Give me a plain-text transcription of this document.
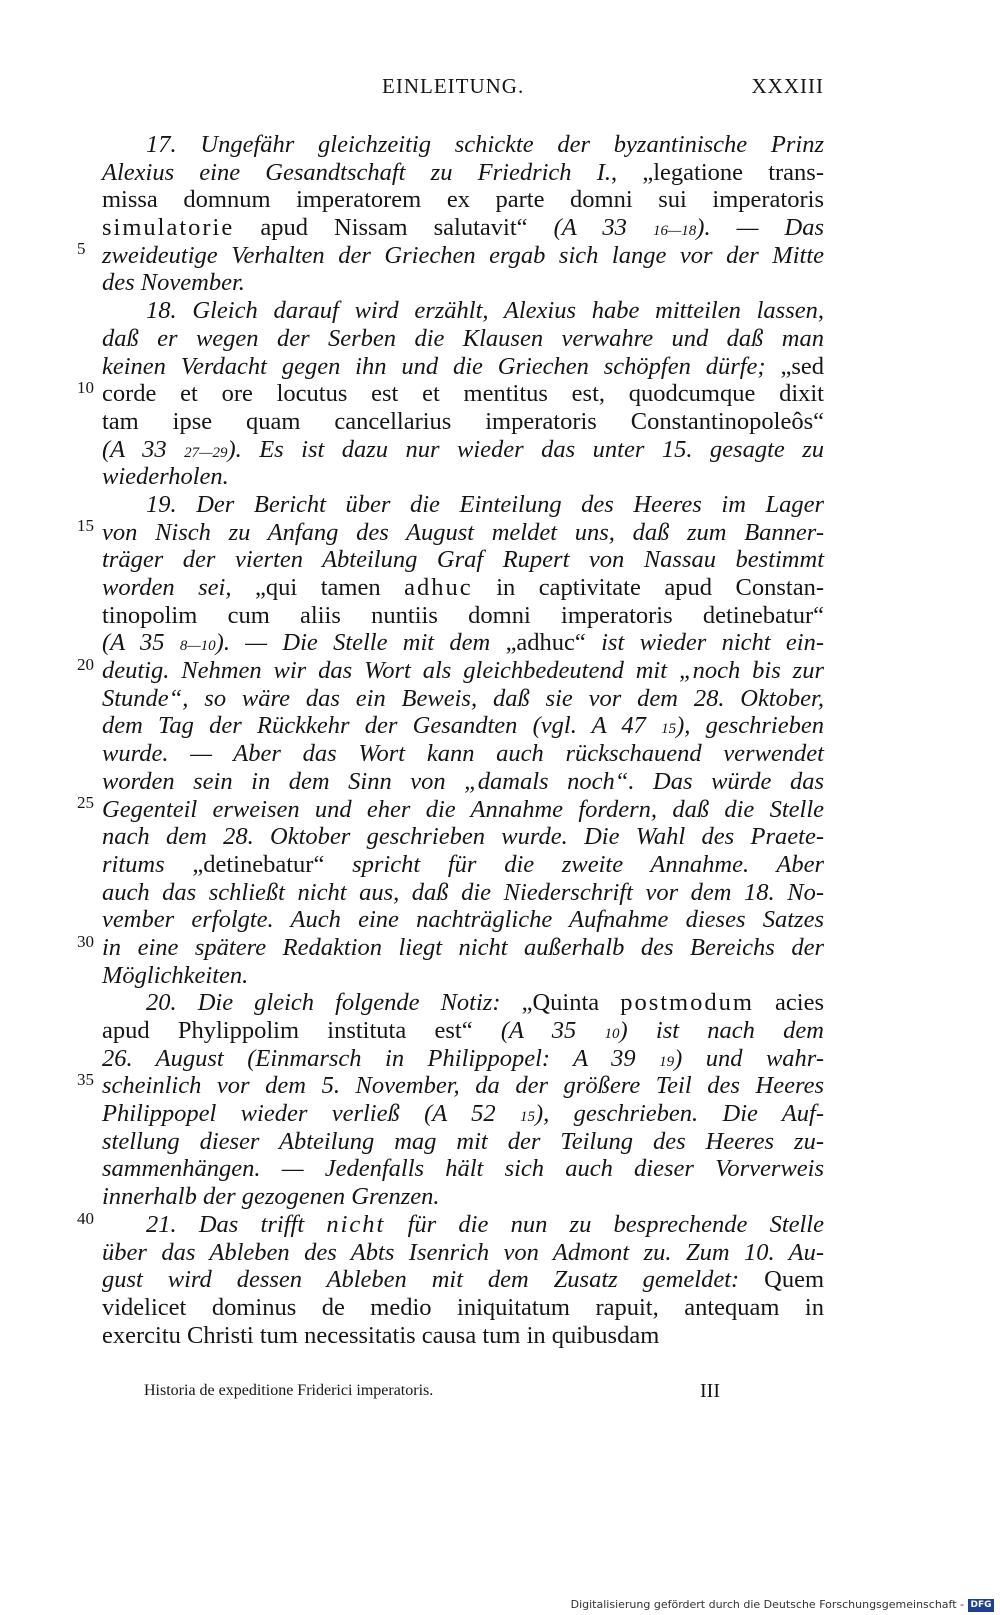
EINLEITUNG.	XXXIII
17. Ungefähr gleichzeitig schickte der byzantinische Prinz
Alexius eine Gesandtschaft zu Friedrich I., „legatione trans-
missa domnum imperatorem ex parte domni sui imperatoris
simulatorie apud Nissam salutavit“ (A 33 16—18). — Das
zweideutige Verhalten der Griechen ergab sich lange vor der Mitte
des November.
18. Gleich darauf wird erzählt, Alexius habe mitteilen lassen,
daß er wegen der Serben die Klausen verwahre und daß man
keinen Verdacht gegen ihn und die Griechen schöpfen dürfe; „sed
corde et ore locutus est et mentitus est, quodcumque dixit
tam ipse quam cancellarius imperatoris Constantinopoleôs“
(A 33 27—29). Es ist dazu nur wieder das unter 15. gesagte zu
wiederholen.
19. Der Bericht über die Einteilung des Heeres im Lager
von Nisch zu Anfang des August meldet uns, daß zum Banner-
träger der vierten Abteilung Graf Rupert von Nassau bestimmt
worden sei, „qui tamen adhuc in captivitate apud Constan-
tinopolim cum aliis nuntiis domni imperatoris detinebatur“
(A 35 8—10). — Die Stelle mit dem „adhuc“ ist wieder nicht ein-
deutig. Nehmen wir das Wort als gleichbedeutend mit „noch bis zur
Stunde“, so wäre das ein Beweis, daß sie vor dem 28. Oktober,
dem Tag der Rückkehr der Gesandten (vgl. A 47 15), geschrieben
wurde. — Aber das Wort kann auch rückschauend verwendet
worden sein in dem Sinn von „damals noch“. Das würde das
Gegenteil erweisen und eher die Annahme fordern, daß die Stelle
nach dem 28. Oktober geschrieben wurde. Die Wahl des Praete-
ritums „detinebatur“ spricht für die zweite Annahme. Aber
auch das schließt nicht aus, daß die Niederschrift vor dem 18. No-
vember erfolgte. Auch eine nachträgliche Aufnahme dieses Satzes
in eine spätere Redaktion liegt nicht außerhalb des Bereichs der
Möglichkeiten.
20. Die gleich folgende Notiz: „Quinta postmodum acies
apud Phylippolim instituta est“ (A 35 10) ist nach dem
26. August (Einmarsch in Philippopel: A 39 19) und wahr-
scheinlich vor dem 5. November, da der größere Teil des Heeres
Philippopel wieder verließ (A 52 15), geschrieben. Die Auf-
stellung dieser Abteilung mag mit der Teilung des Heeres zu-
sammenhängen. — Jedenfalls hält sich auch dieser Vorverweis
innerhalb der gezogenen Grenzen.
21. Das trifft nicht für die nun zu besprechende Stelle
über das Ableben des Abts Isenrich von Admont zu. Zum 10. Au-
gust wird dessen Ableben mit dem Zusatz gemeldet: Quem
videlicet dominus de medio iniquitatum rapuit, antequam in
exercitu Christi tum necessitatis causa tum in quibusdam
5
10
15
20
25
30
35
40
Historia de expeditione Friderici imperatoris.	III
Digitalisierung gefördert durch die Deutsche Forschungsgemeinschaft - DFG
